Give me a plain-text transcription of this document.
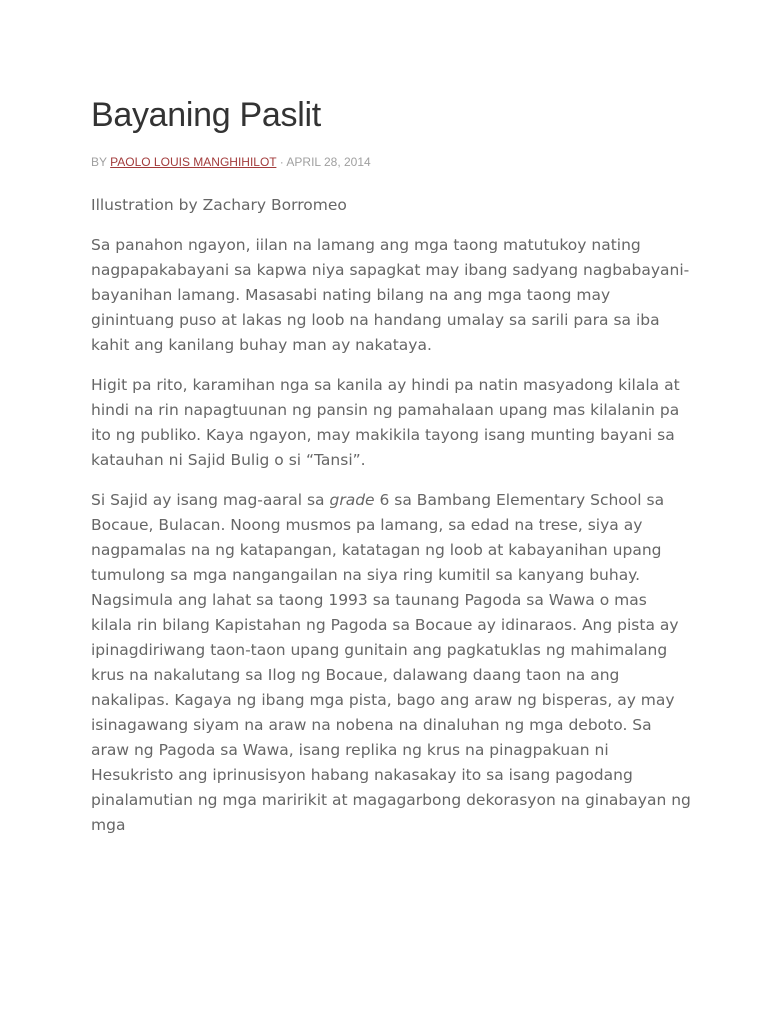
Bayaning Paslit
BY PAOLO LOUIS MANGHIHILOT · APRIL 28, 2014

Illustration by Zachary Borromeo

Sa panahon ngayon, iilan na lamang ang mga taong matutukoy nating nagpapakabayani sa kapwa niya sapagkat may ibang sadyang nagbabayani-bayanihan lamang. Masasabi nating bilang na ang mga taong may ginintuang puso at lakas ng loob na handang umalay sa sarili para sa iba kahit ang kanilang buhay man ay nakataya.

Higit pa rito, karamihan nga sa kanila ay hindi pa natin masyadong kilala at hindi na rin napagtuunan ng pansin ng pamahalaan upang mas kilalanin pa ito ng publiko. Kaya ngayon, may makikila tayong isang munting bayani sa katauhan ni Sajid Bulig o si “Tansi”.

Si Sajid ay isang mag-aaral sa grade 6 sa Bambang Elementary School sa Bocaue, Bulacan. Noong musmos pa lamang, sa edad na trese, siya ay nagpamalas na ng katapangan, katatagan ng loob at kabayanihan upang tumulong sa mga nangangailan na siya ring kumitil sa kanyang buhay.

Nagsimula ang lahat sa taong 1993 sa taunang Pagoda sa Wawa o mas kilala rin bilang Kapistahan ng Pagoda sa Bocaue ay idinaraos. Ang pista ay ipinagdiriwang taon-taon upang gunitain ang pagkatuklas ng mahimalang krus na nakalutang sa Ilog ng Bocaue, dalawang daang taon na ang nakalipas. Kagaya ng ibang mga pista, bago ang araw ng bisperas, ay may isinagawang siyam na araw na nobena na dinaluhan ng mga deboto. Sa araw ng Pagoda sa Wawa, isang replika ng krus na pinagpakuan ni Hesukristo ang iprinusisyon habang nakasakay ito sa isang pagodang pinalamutian ng mga maririkit at magagarbong dekorasyon na ginabayan ng mga
